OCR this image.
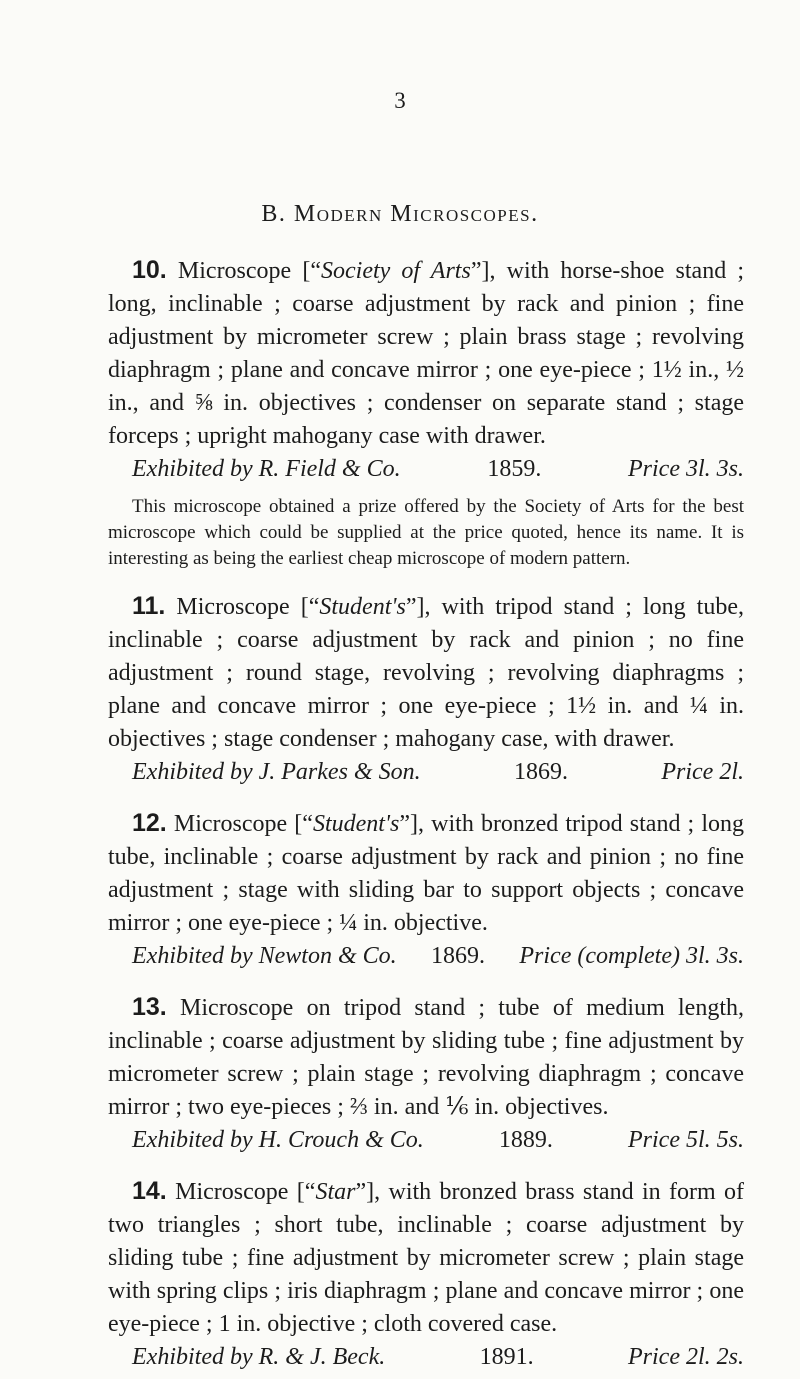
3
B. Modern Microscopes.

10. Microscope [“Society of Arts”], with horse-shoe stand ; long, inclinable ; coarse adjustment by rack and pinion ; fine adjustment by micrometer screw ; plain brass stage ; revolving diaphragm ; plane and concave mirror ; one eye-piece ; 1½ in., ½ in., and ⅝ in. objectives ; condenser on separate stand ; stage forceps ; upright mahogany case with drawer.

Exhibited by R. Field & Co.	1859.	Price 3l. 3s.

This microscope obtained a prize offered by the Society of Arts for the best microscope which could be supplied at the price quoted, hence its name. It is interesting as being the earliest cheap microscope of modern pattern.

11. Microscope [“Student's”], with tripod stand ; long tube, inclinable ; coarse adjustment by rack and pinion ; no fine adjustment ; round stage, revolving ; revolving diaphragms ; plane and concave mirror ; one eye-piece ; 1½ in. and ¼ in. objectives ; stage condenser ; mahogany case, with drawer.

Exhibited by J. Parkes & Son.	1869.	Price 2l.

12. Microscope [“Student's”], with bronzed tripod stand ; long tube, inclinable ; coarse adjustment by rack and pinion ; no fine adjustment ; stage with sliding bar to support objects ; concave mirror ; one eye-piece ; ¼ in. objective.

Exhibited by Newton & Co. 1869. Price (complete) 3l. 3s.

13. Microscope on tripod stand ; tube of medium length, inclinable ; coarse adjustment by sliding tube ; fine adjustment by micrometer screw ; plain stage ; revolving diaphragm ; concave mirror ; two eye-pieces ; ⅔ in. and ⅙ in. objectives.

Exhibited by H. Crouch & Co.	1889.	Price 5l. 5s.

14. Microscope [“Star”], with bronzed brass stand in form of two triangles ; short tube, inclinable ; coarse adjustment by sliding tube ; fine adjustment by micrometer screw ; plain stage with spring clips ; iris diaphragm ; plane and concave mirror ; one eye-piece ; 1 in. objective ; cloth covered case.

Exhibited by R. & J. Beck.	1891.	Price 2l. 2s.
